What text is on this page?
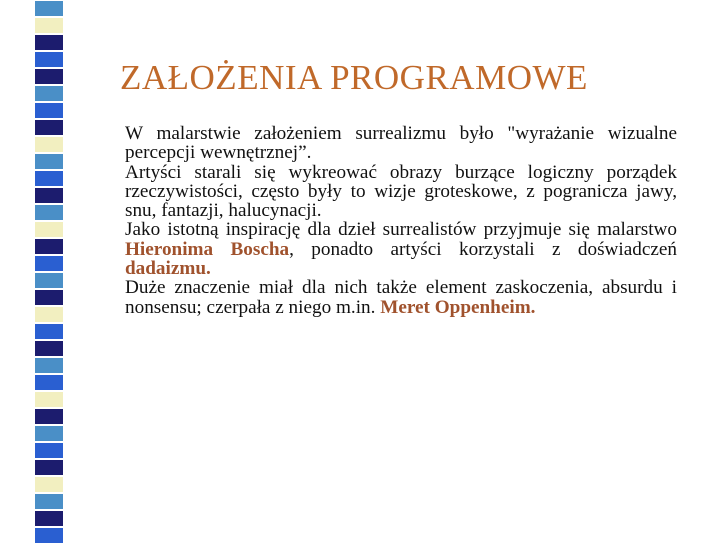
ZAŁOŻENIA PROGRAMOWE

W malarstwie założeniem surrealizmu było "wyrażanie wizualne percepcji wewnętrznej”.

Artyści starali się wykreować obrazy burzące logiczny porządek rzeczywistości, często były to wizje groteskowe, z pogranicza jawy, snu, fantazji, halucynacji.

Jako istotną inspirację dla dzieł surrealistów przyjmuje się malarstwo Hieronima Boscha, ponadto artyści korzystali z doświadczeń dadaizmu.

Duże znaczenie miał dla nich także element zaskoczenia, absurdu i nonsensu; czerpała z niego m.in. Meret Oppenheim.
